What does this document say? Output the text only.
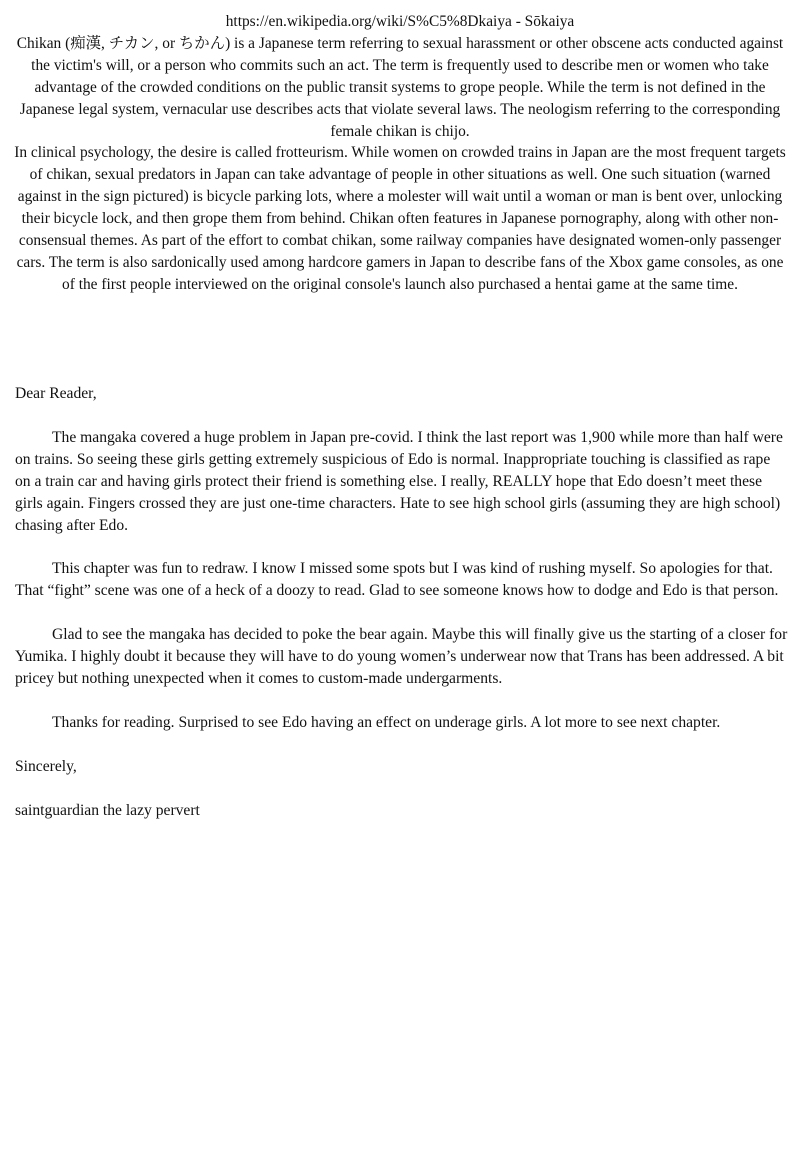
https://en.wikipedia.org/wiki/S%C5%8Dkaiya - Sōkaiya
Chikan (痴漢, チカン, or ちかん) is a Japanese term referring to sexual harassment or other obscene acts conducted against the victim's will, or a person who commits such an act. The term is frequently used to describe men or women who take advantage of the crowded conditions on the public transit systems to grope people. While the term is not defined in the Japanese legal system, vernacular use describes acts that violate several laws. The neologism referring to the corresponding female chikan is chijo.
In clinical psychology, the desire is called frotteurism. While women on crowded trains in Japan are the most frequent targets of chikan, sexual predators in Japan can take advantage of people in other situations as well. One such situation (warned against in the sign pictured) is bicycle parking lots, where a molester will wait until a woman or man is bent over, unlocking their bicycle lock, and then grope them from behind. Chikan often features in Japanese pornography, along with other non-consensual themes. As part of the effort to combat chikan, some railway companies have designated women-only passenger cars. The term is also sardonically used among hardcore gamers in Japan to describe fans of the Xbox game consoles, as one of the first people interviewed on the original console's launch also purchased a hentai game at the same time.

Dear Reader,

The mangaka covered a huge problem in Japan pre-covid. I think the last report was 1,900 while more than half were on trains. So seeing these girls getting extremely suspicious of Edo is normal. Inappropriate touching is classified as rape on a train car and having girls protect their friend is something else. I really, REALLY hope that Edo doesn’t meet these girls again. Fingers crossed they are just one-time characters. Hate to see high school girls (assuming they are high school) chasing after Edo.

This chapter was fun to redraw. I know I missed some spots but I was kind of rushing myself. So apologies for that. That “fight” scene was one of a heck of a doozy to read. Glad to see someone knows how to dodge and Edo is that person.

Glad to see the mangaka has decided to poke the bear again. Maybe this will finally give us the starting of a closer for Yumika. I highly doubt it because they will have to do young women’s underwear now that Trans has been addressed. A bit pricey but nothing unexpected when it comes to custom-made undergarments.

Thanks for reading. Surprised to see Edo having an effect on underage girls. A lot more to see next chapter.

Sincerely,

saintguardian the lazy pervert
